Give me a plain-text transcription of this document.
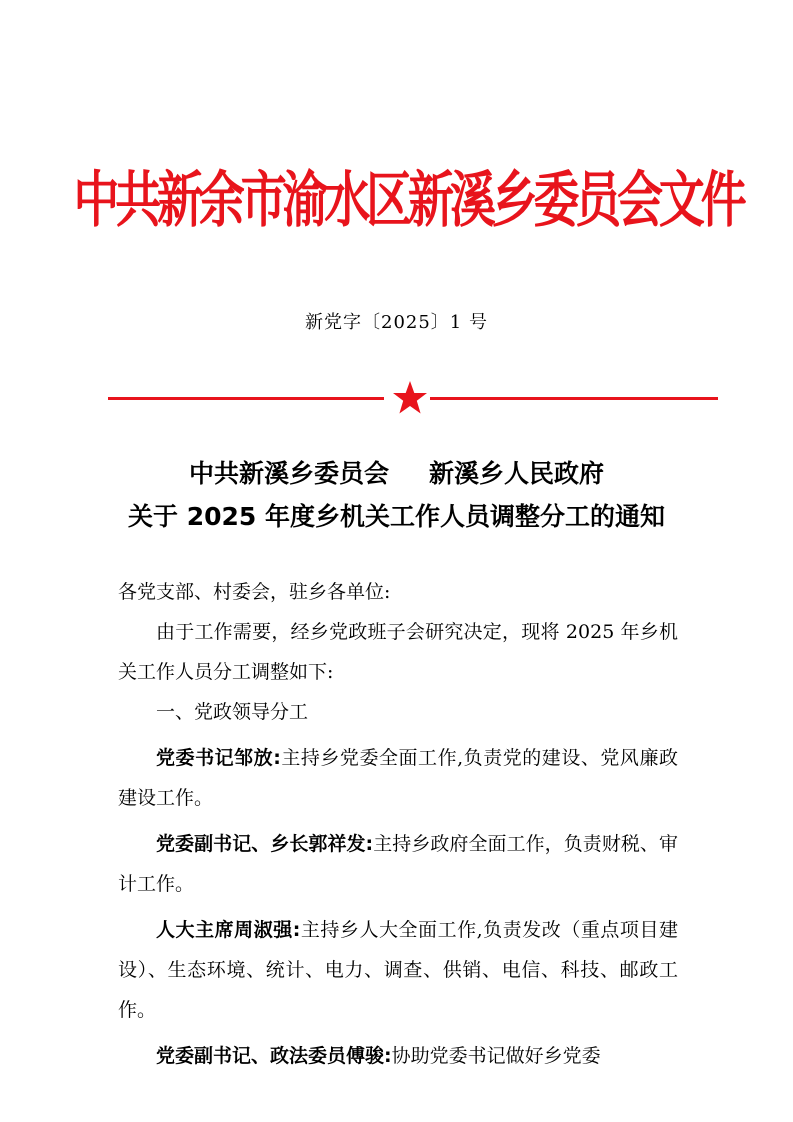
中共新余市渝水区新溪乡委员会文件
新党字〔2025〕1 号
中共新溪乡委员会 新溪乡人民政府
关于 2025 年度乡机关工作人员调整分工的通知

各党支部、村委会，驻乡各单位:

由于工作需要，经乡党政班子会研究决定，现将 2025 年乡机关工作人员分工调整如下:

一、党政领导分工

党委书记邹放:主持乡党委全面工作,负责党的建设、党风廉政建设工作。

党委副书记、乡长郭祥发:主持乡政府全面工作，负责财税、审计工作。

人大主席周淑强:主持乡人大全面工作,负责发改（重点项目建设）、生态环境、统计、电力、调查、供销、电信、科技、邮政工作。

党委副书记、政法委员傅骏:协助党委书记做好乡党委
